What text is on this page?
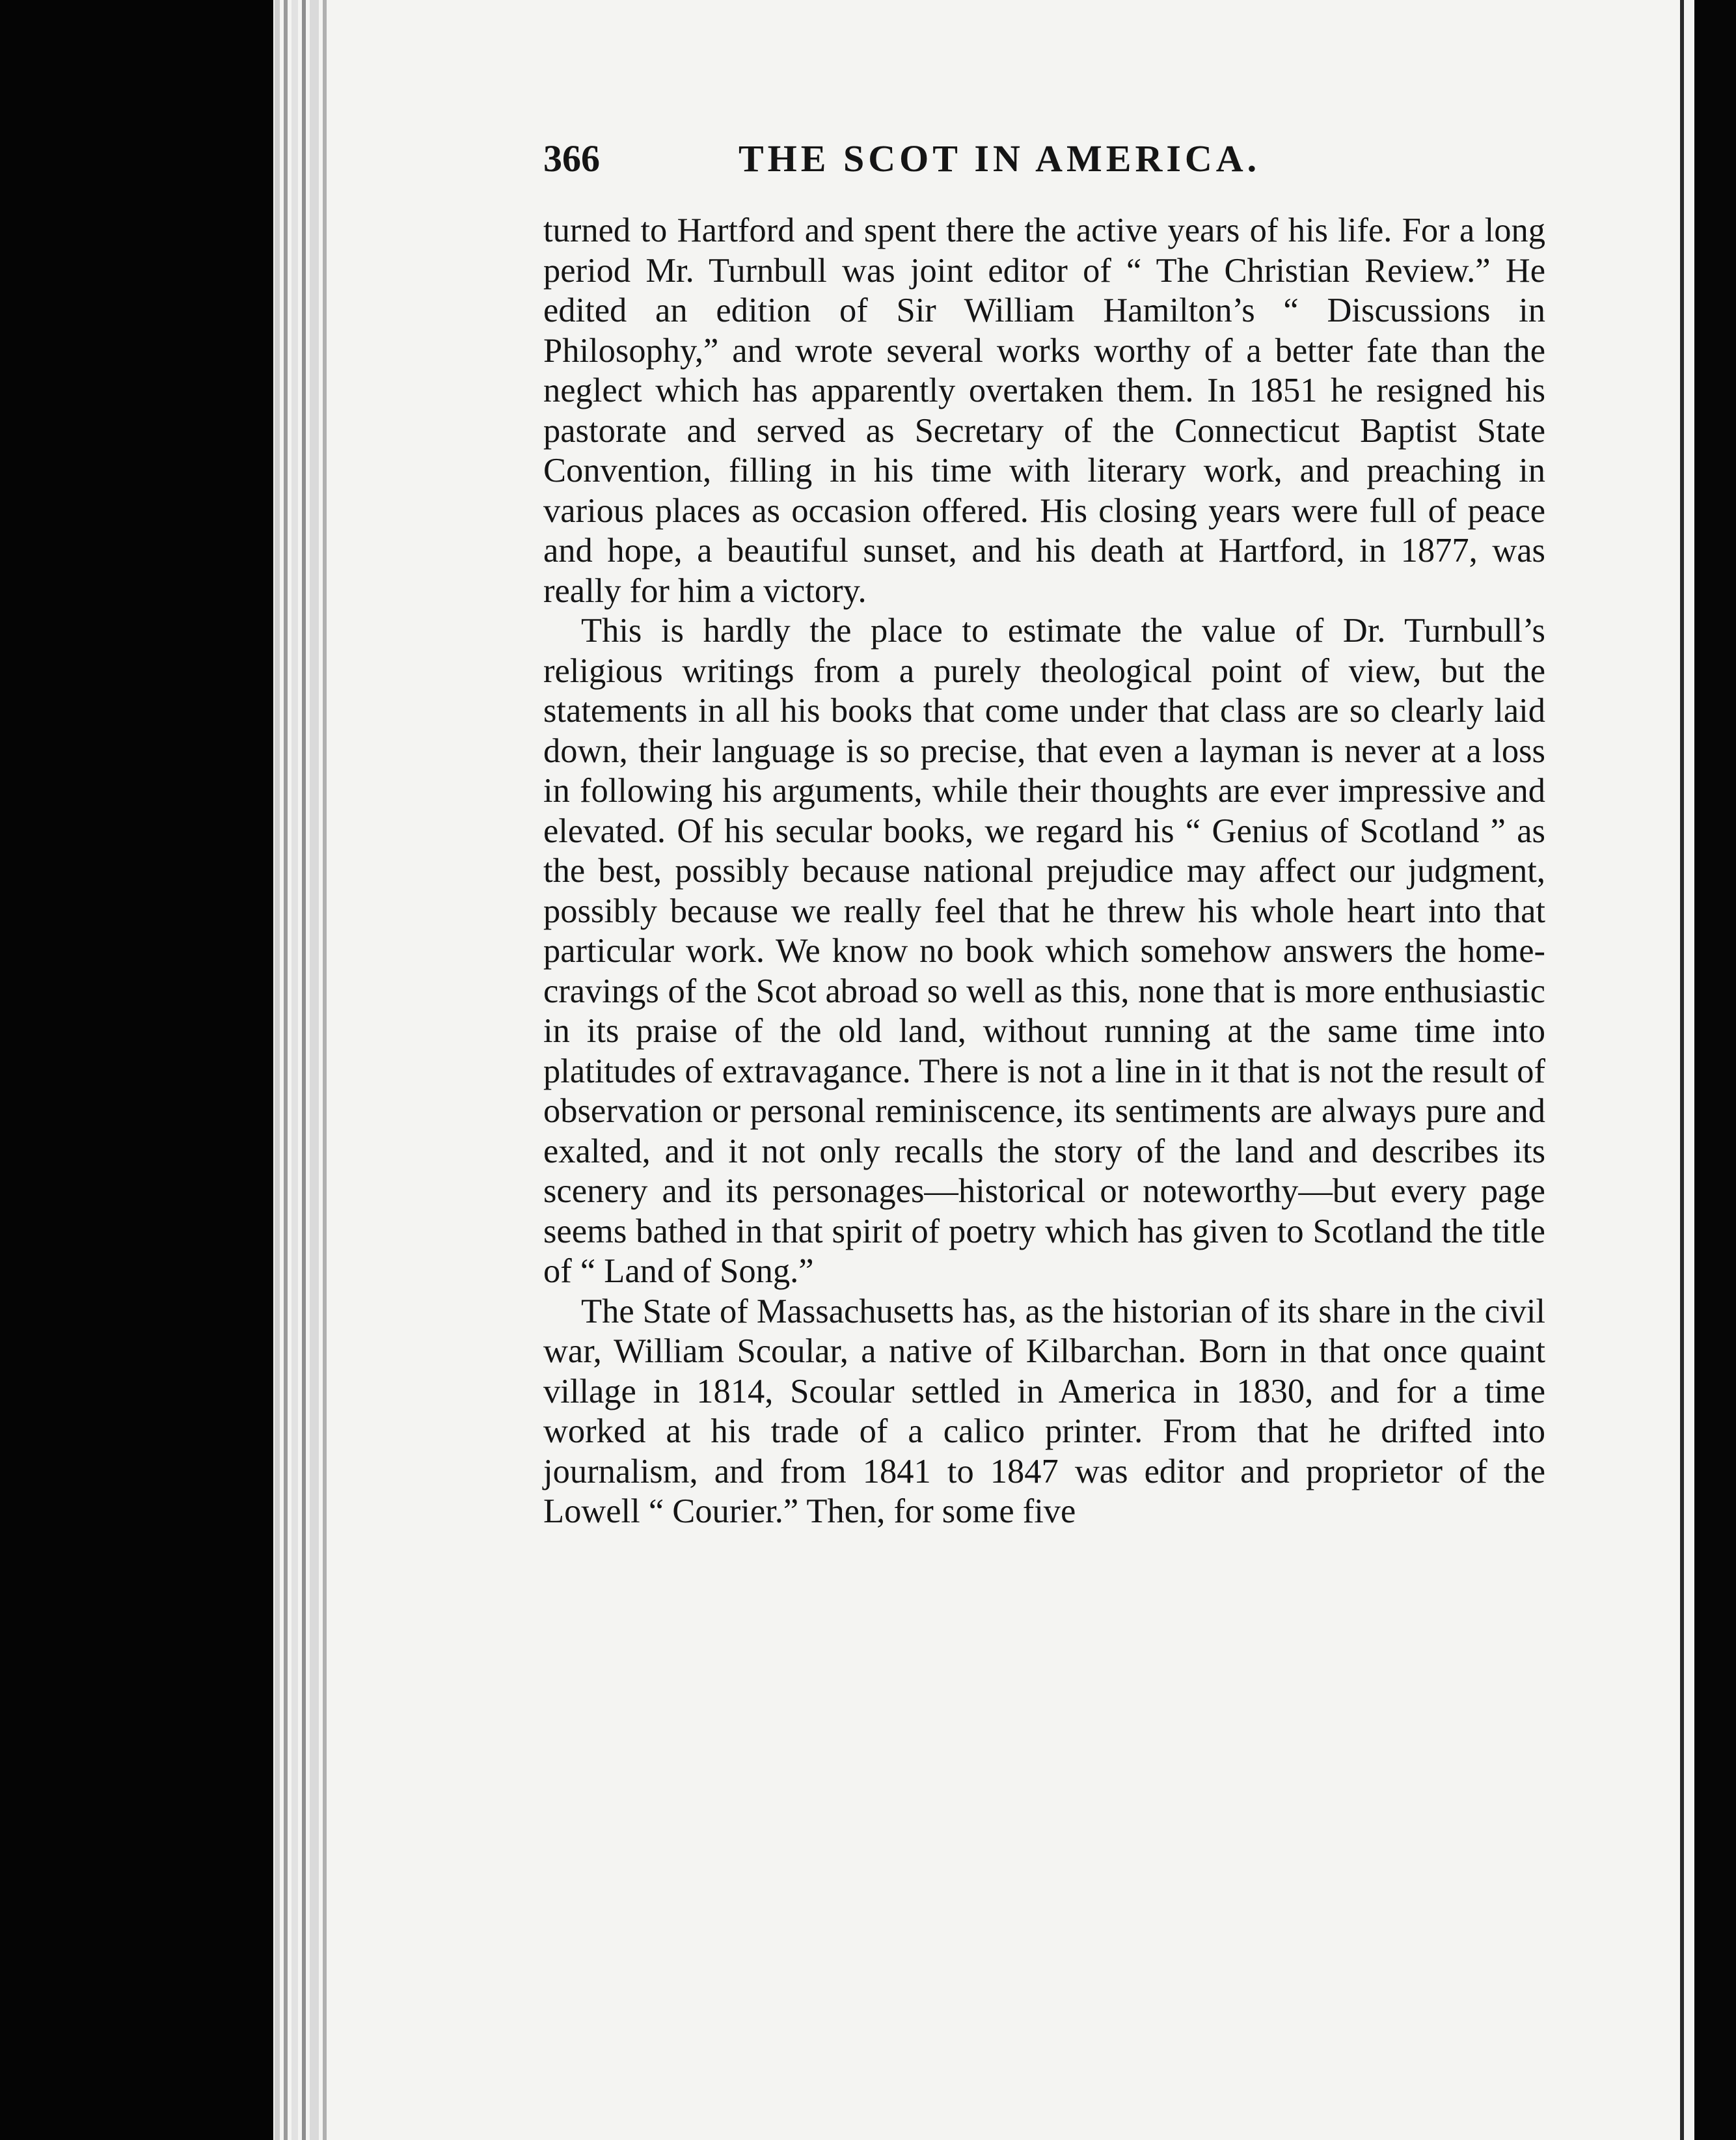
366	THE SCOT IN AMERICA.

turned to Hartford and spent there the active years of his life. For a long period Mr. Turnbull was joint editor of “ The Christian Review.” He edited an edition of Sir William Hamilton’s “ Discussions in Philosophy,” and wrote several works worthy of a better fate than the neglect which has apparently overtaken them. In 1851 he resigned his pastorate and served as Secretary of the Connecticut Baptist State Convention, filling in his time with literary work, and preaching in various places as occasion offered. His closing years were full of peace and hope, a beautiful sunset, and his death at Hartford, in 1877, was really for him a victory.

This is hardly the place to estimate the value of Dr. Turnbull’s religious writings from a purely theological point of view, but the statements in all his books that come under that class are so clearly laid down, their language is so precise, that even a layman is never at a loss in following his arguments, while their thoughts are ever impressive and elevated. Of his secular books, we regard his “ Genius of Scotland ” as the best, possibly because national prejudice may affect our judgment, possibly because we really feel that he threw his whole heart into that particular work. We know no book which somehow answers the home-cravings of the Scot abroad so well as this, none that is more enthusiastic in its praise of the old land, without running at the same time into platitudes of extravagance. There is not a line in it that is not the result of observation or personal reminiscence, its sentiments are always pure and exalted, and it not only recalls the story of the land and describes its scenery and its personages—historical or noteworthy—but every page seems bathed in that spirit of poetry which has given to Scotland the title of “ Land of Song.”

The State of Massachusetts has, as the historian of its share in the civil war, William Scoular, a native of Kilbarchan. Born in that once quaint village in 1814, Scoular settled in America in 1830, and for a time worked at his trade of a calico printer. From that he drifted into journalism, and from 1841 to 1847 was editor and proprietor of the Lowell “ Courier.” Then, for some five
